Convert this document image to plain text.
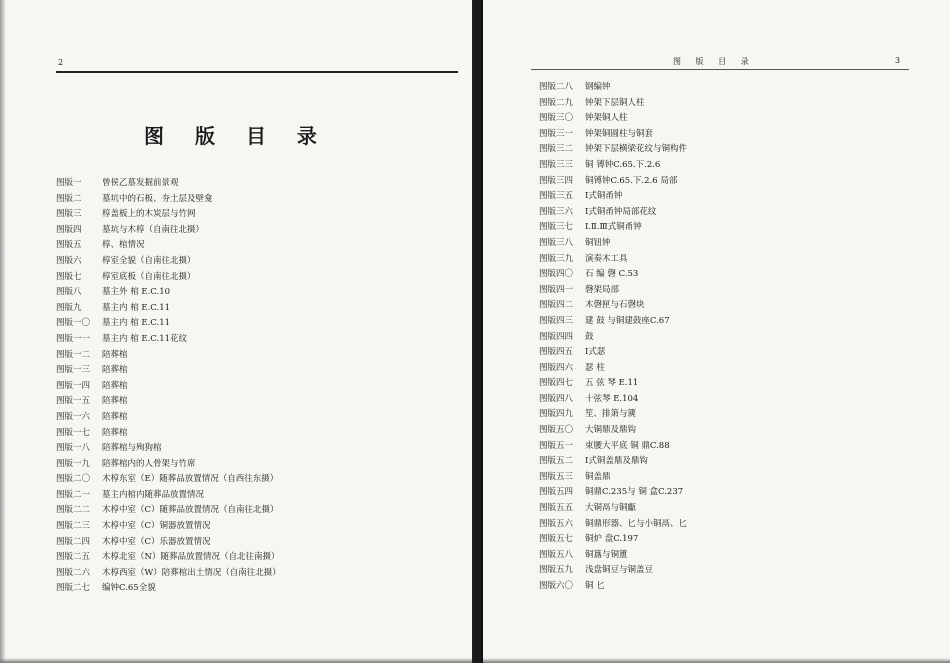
2
图 版 目 录
图版一	曾侯乙墓发掘前景观
图版二	墓坑中的石板、夯土层及壁龛
图版三	椁盖板上的木炭层与竹网
图版四	墓坑与木椁（自南往北摄）
图版五	椁、棺情况
图版六	椁室全貌（自南往北摄）
图版七	椁室底板（自南往北摄）
图版八	墓主外 棺 E.C.10
图版九	墓主内 棺 E.C.11
图版一〇	墓主内 棺 E.C.11
图版一一	墓主内 棺 E.C.11花纹
图版一二	陪葬棺
图版一三	陪葬棺
图版一四	陪葬棺
图版一五	陪葬棺
图版一六	陪葬棺
图版一七	陪葬棺
图版一八	陪葬棺与殉狗棺
图版一九	陪葬棺内的人骨架与竹席
图版二〇	木椁东室（E）随葬品放置情况（自西往东摄）
图版二一	墓主内棺内随葬品放置情况
图版二二	木椁中室（C）随葬品放置情况（自南往北摄）
图版二三	木椁中室（C）铜器放置情况
图版二四	木椁中室（C）乐器放置情况
图版二五	木椁北室（N）随葬品放置情况（自北往南摄）
图版二六	木椁西室（W）陪葬棺出土情况（自南往北摄）
图版二七	编钟C.65全貌
图 版 目 录	3
图版二八	钢编钟
图版二九	钟架下层铜人柱
图版三〇	钟架铜人柱
图版三一	钟架铜圆柱与铜套
图版三二	钟架下层横梁花纹与铜构件
图版三三	铜 镈钟C.65.下.2.6
图版三四	铜镈钟C.65.下.2.6 局部
图版三五	Ⅰ式铜甬钟
图版三六	Ⅰ式铜甬钟局部花纹
图版三七	Ⅰ.Ⅱ.Ⅲ式铜甬钟
图版三八	铜钮钟
图版三九	演奏木工具
图版四〇	石 编 磬 C.53
图版四一	磬架局部
图版四二	木磬匣与石磬块
图版四三	建 鼓 与铜建鼓座C.67
图版四四	鼓
图版四五	Ⅰ式瑟
图版四六	瑟 柱
图版四七	五 弦 琴 E.11
图版四八	十弦琴 E.104
图版四九	笙、排箫与篪
图版五〇	大铜鼎及鼎钩
图版五一	束腰大平底 铜 鼎C.88
图版五二	Ⅰ式铜盖鼎及鼎钩
图版五三	铜盖鼎
图版五四	铜鼎C.235与 铜 盒C.237
图版五五	大铜鬲与铜甗
图版五六	铜鼎形器、匕与小铜鬲、匕
图版五七	铜炉 盘C.197
图版五八	铜簋与铜簠
图版五九	浅盘铜豆与铜盖豆
图版六〇	铜 匕
